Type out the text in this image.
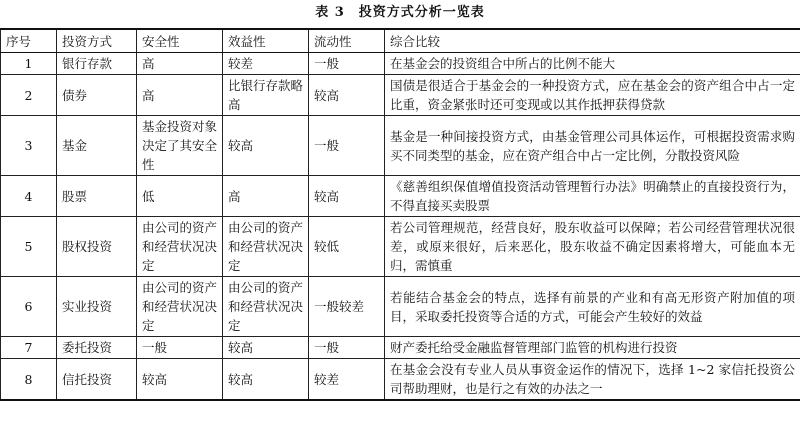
表 3　投资方式分析一览表
序号	投资方式	安全性	效益性	流动性	综合比较
1	银行存款	高	较差	一般	在基金会的投资组合中所占的比例不能大
2	债券	高	比银行存款略高	较高	国债是很适合于基金会的一种投资方式，应在基金会的资产组合中占一定比重，资金紧张时还可变现或以其作抵押获得贷款
3	基金	基金投资对象决定了其安全性	较高	一般	基金是一种间接投资方式，由基金管理公司具体运作，可根据投资需求购买不同类型的基金，应在资产组合中占一定比例，分散投资风险
4	股票	低	高	较高	《慈善组织保值增值投资活动管理暂行办法》明确禁止的直接投资行为，不得直接买卖股票
5	股权投资	由公司的资产和经营状况决定	由公司的资产和经营状况决定	较低	若公司管理规范，经营良好，股东收益可以保障；若公司经营管理状况很差，或原来很好，后来恶化，股东收益不确定因素将增大，可能血本无归，需慎重
6	实业投资	由公司的资产和经营状况决定	由公司的资产和经营状况决定	一般较差	若能结合基金会的特点，选择有前景的产业和有高无形资产附加值的项目，采取委托投资等合适的方式，可能会产生较好的效益
7	委托投资	一般	较高	一般	财产委托给受金融监督管理部门监管的机构进行投资
8	信托投资	较高	较高	较差	在基金会没有专业人员从事资金运作的情况下，选择 1~2 家信托投资公司帮助理财，也是行之有效的办法之一
